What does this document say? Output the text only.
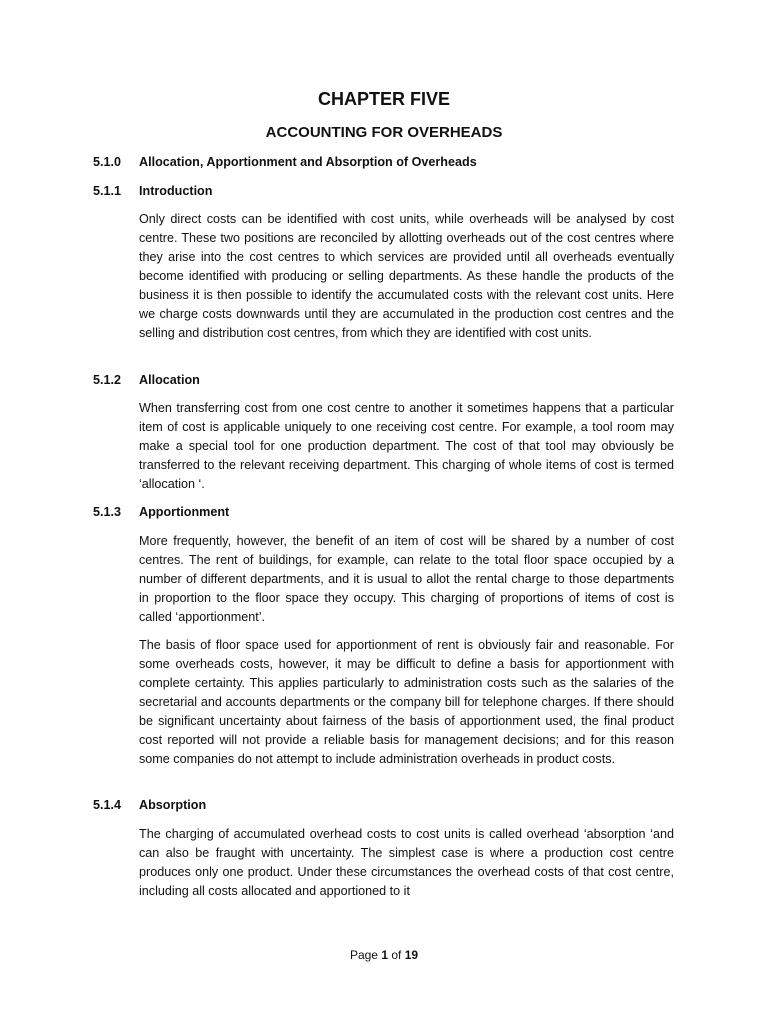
CHAPTER FIVE
ACCOUNTING FOR OVERHEADS
5.1.0 Allocation, Apportionment and Absorption of Overheads
5.1.1 Introduction

Only direct costs can be identified with cost units, while overheads will be analysed by cost centre. These two positions are reconciled by allotting overheads out of the cost centres where they arise into the cost centres to which services are provided until all overheads eventually become identified with producing or selling departments. As these handle the products of the business it is then possible to identify the accumulated costs with the relevant cost units. Here we charge costs downwards until they are accumulated in the production cost centres and the selling and distribution cost centres, from which they are identified with cost units.

5.1.2 Allocation

When transferring cost from one cost centre to another it sometimes happens that a particular item of cost is applicable uniquely to one receiving cost centre. For example, a tool room may make a special tool for one production department. The cost of that tool may obviously be transferred to the relevant receiving department. This charging of whole items of cost is termed ‘allocation ‘.

5.1.3 Apportionment

More frequently, however, the benefit of an item of cost will be shared by a number of cost centres. The rent of buildings, for example, can relate to the total floor space occupied by a number of different departments, and it is usual to allot the rental charge to those departments in proportion to the floor space they occupy. This charging of proportions of items of cost is called ‘apportionment’.

The basis of floor space used for apportionment of rent is obviously fair and reasonable. For some overheads costs, however, it may be difficult to define a basis for apportionment with complete certainty. This applies particularly to administration costs such as the salaries of the secretarial and accounts departments or the company bill for telephone charges. If there should be significant uncertainty about fairness of the basis of apportionment used, the final product cost reported will not provide a reliable basis for management decisions; and for this reason some companies do not attempt to include administration overheads in product costs.

5.1.4 Absorption

The charging of accumulated overhead costs to cost units is called overhead ‘absorption ‘and can also be fraught with uncertainty. The simplest case is where a production cost centre produces only one product. Under these circumstances the overhead costs of that cost centre, including all costs allocated and apportioned to it

Page 1 of 19
